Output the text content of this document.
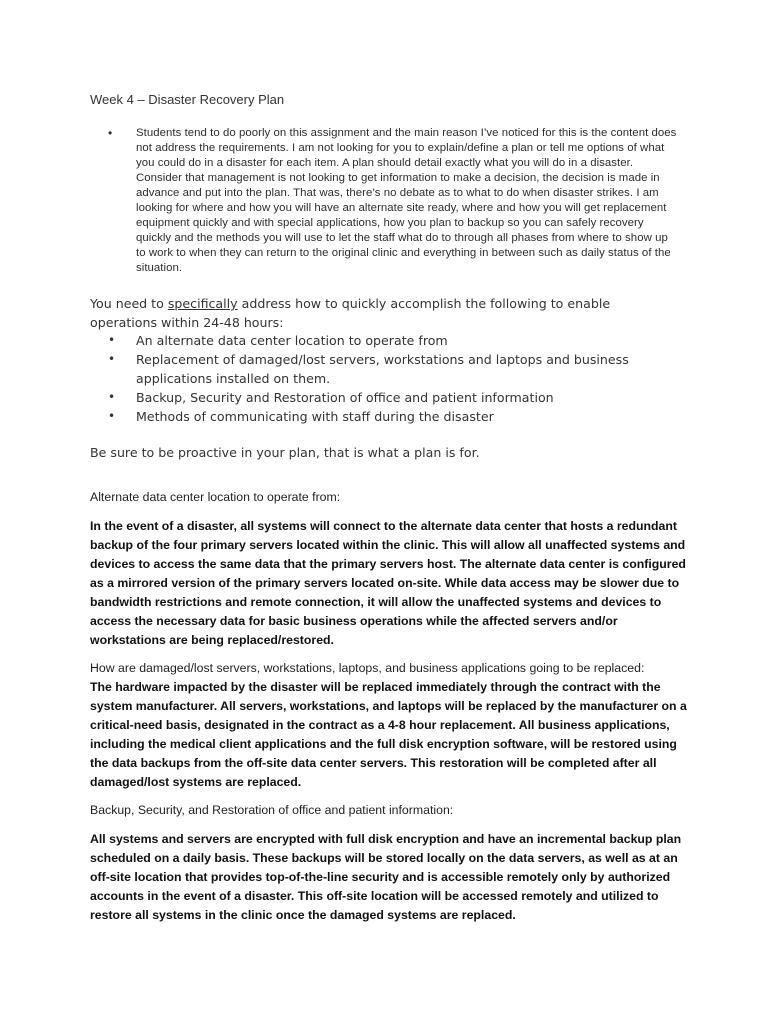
Week 4 – Disaster Recovery Plan
•	Students tend to do poorly on this assignment and the main reason I’ve noticed for this is the content does not address the requirements. I am not looking for you to explain/define a plan or tell me options of what you could do in a disaster for each item. A plan should detail exactly what you will do in a disaster. Consider that management is not looking to get information to make a decision, the decision is made in advance and put into the plan. That was, there’s no debate as to what to do when disaster strikes. I am looking for where and how you will have an alternate site ready, where and how you will get replacement equipment quickly and with special applications, how you plan to backup so you can safely recovery quickly and the methods you will use to let the staff what do to through all phases from where to show up to work to when they can return to the original clinic and everything in between such as daily status of the situation.
You need to specifically address how to quickly accomplish the following to enable operations within 24-48 hours:
•	An alternate data center location to operate from
•	Replacement of damaged/lost servers, workstations and laptops and business applications installed on them.
•	Backup, Security and Restoration of office and patient information
•	Methods of communicating with staff during the disaster
Be sure to be proactive in your plan, that is what a plan is for.
Alternate data center location to operate from:
In the event of a disaster, all systems will connect to the alternate data center that hosts a redundant backup of the four primary servers located within the clinic. This will allow all unaffected systems and devices to access the same data that the primary servers host. The alternate data center is configured as a mirrored version of the primary servers located on-site. While data access may be slower due to bandwidth restrictions and remote connection, it will allow the unaffected systems and devices to access the necessary data for basic business operations while the affected servers and/or workstations are being replaced/restored.
How are damaged/lost servers, workstations, laptops, and business applications going to be replaced:
The hardware impacted by the disaster will be replaced immediately through the contract with the system manufacturer. All servers, workstations, and laptops will be replaced by the manufacturer on a critical-need basis, designated in the contract as a 4-8 hour replacement. All business applications, including the medical client applications and the full disk encryption software, will be restored using the data backups from the off-site data center servers. This restoration will be completed after all damaged/lost systems are replaced.
Backup, Security, and Restoration of office and patient information:
All systems and servers are encrypted with full disk encryption and have an incremental backup plan scheduled on a daily basis. These backups will be stored locally on the data servers, as well as at an off-site location that provides top-of-the-line security and is accessible remotely only by authorized accounts in the event of a disaster. This off-site location will be accessed remotely and utilized to restore all systems in the clinic once the damaged systems are replaced.
